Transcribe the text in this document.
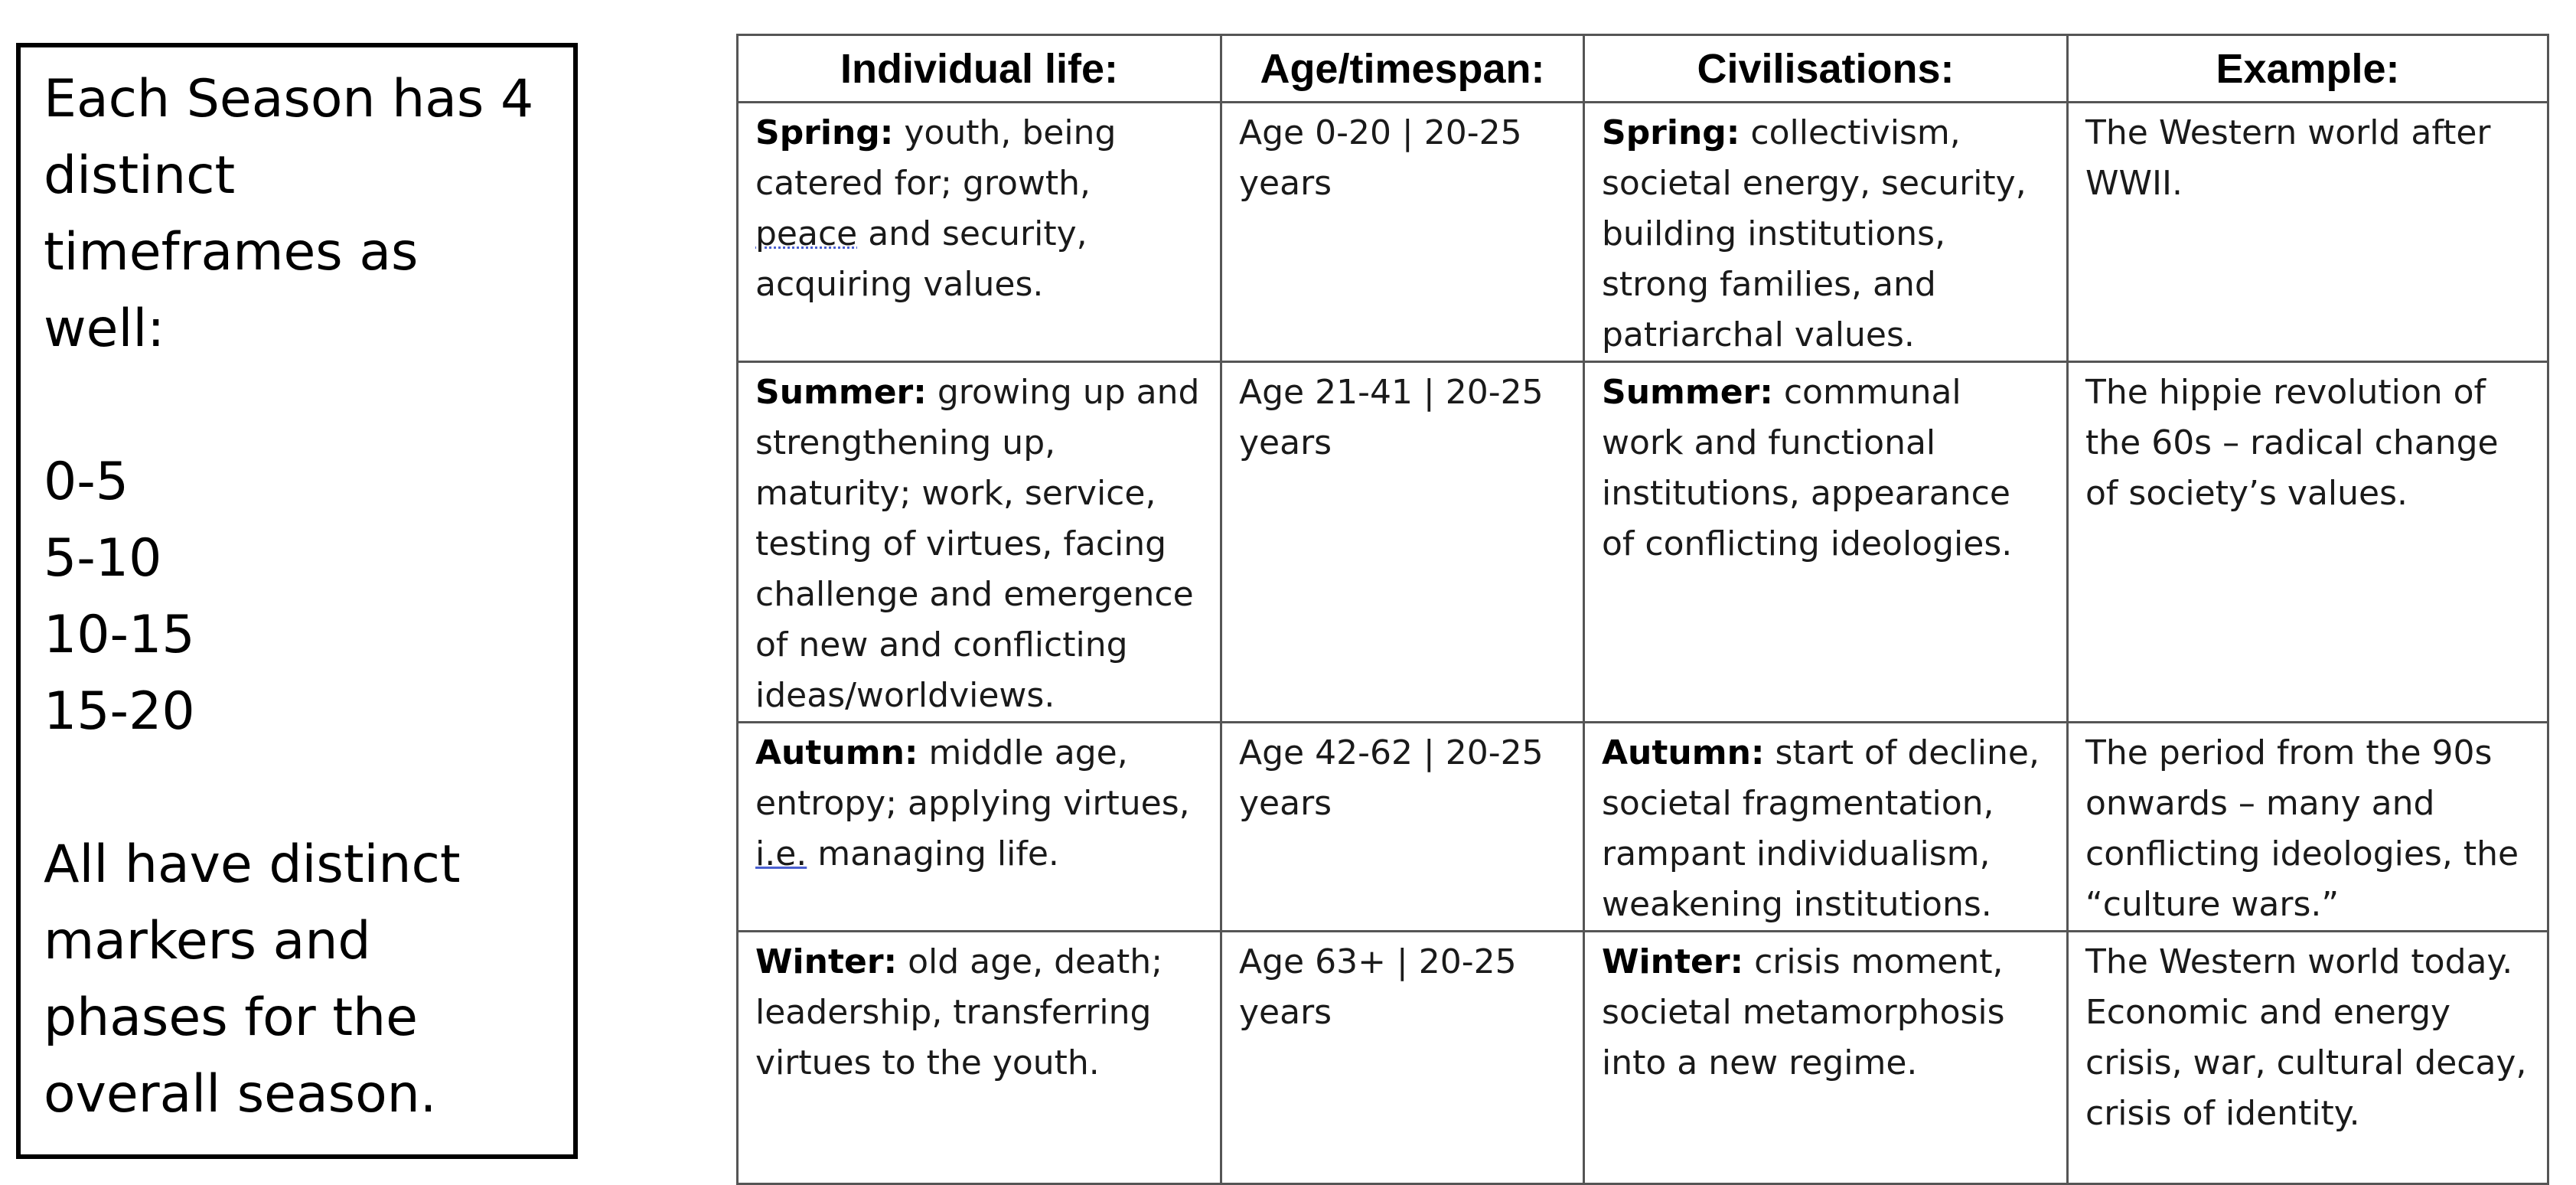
Each Season has 4 distinct timeframes as well:

0-5
5-10
10-15
15-20

All have distinct markers and phases for the overall season.

Individual life:	Age/timespan:	Civilisations:	Example:
Spring: youth, being catered for; growth, peace and security, acquiring values.	Age 0-20 | 20-25 years	Spring: collectivism, societal energy, security, building institutions, strong families, and patriarchal values.	The Western world after WWII.
Summer: growing up and strengthening up, maturity; work, service, testing of virtues, facing challenge and emergence of new and conflicting ideas/worldviews.	Age 21-41 | 20-25 years	Summer: communal work and functional institutions, appearance of conflicting ideologies.	The hippie revolution of the 60s – radical change of society’s values.
Autumn: middle age, entropy; applying virtues, i.e. managing life.	Age 42-62 | 20-25 years	Autumn: start of decline, societal fragmentation, rampant individualism, weakening institutions.	The period from the 90s onwards – many and conflicting ideologies, the “culture wars.”
Winter: old age, death; leadership, transferring virtues to the youth.	Age 63+ | 20-25 years	Winter: crisis moment, societal metamorphosis into a new regime.	The Western world today. Economic and energy crisis, war, cultural decay, crisis of identity.
